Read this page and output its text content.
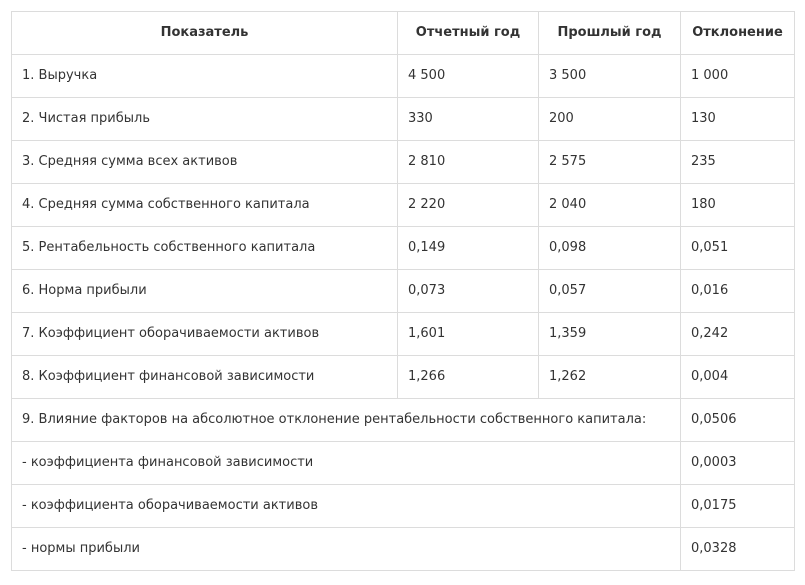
Показатель	Отчетный год	Прошлый год	Отклонение
1. Выручка	4 500	3 500	1 000
2. Чистая прибыль	330	200	130
3. Средняя сумма всех активов	2 810	2 575	235
4. Средняя сумма собственного капитала	2 220	2 040	180
5. Рентабельность собственного капитала	0,149	0,098	0,051
6. Норма прибыли	0,073	0,057	0,016
7. Коэффициент оборачиваемости активов	1,601	1,359	0,242
8. Коэффициент финансовой зависимости	1,266	1,262	0,004
9. Влияние факторов на абсолютное отклонение рентабельности собственного капитала:			0,0506
- коэффициента финансовой зависимости			0,0003
- коэффициента оборачиваемости активов			0,0175
- нормы прибыли			0,0328
